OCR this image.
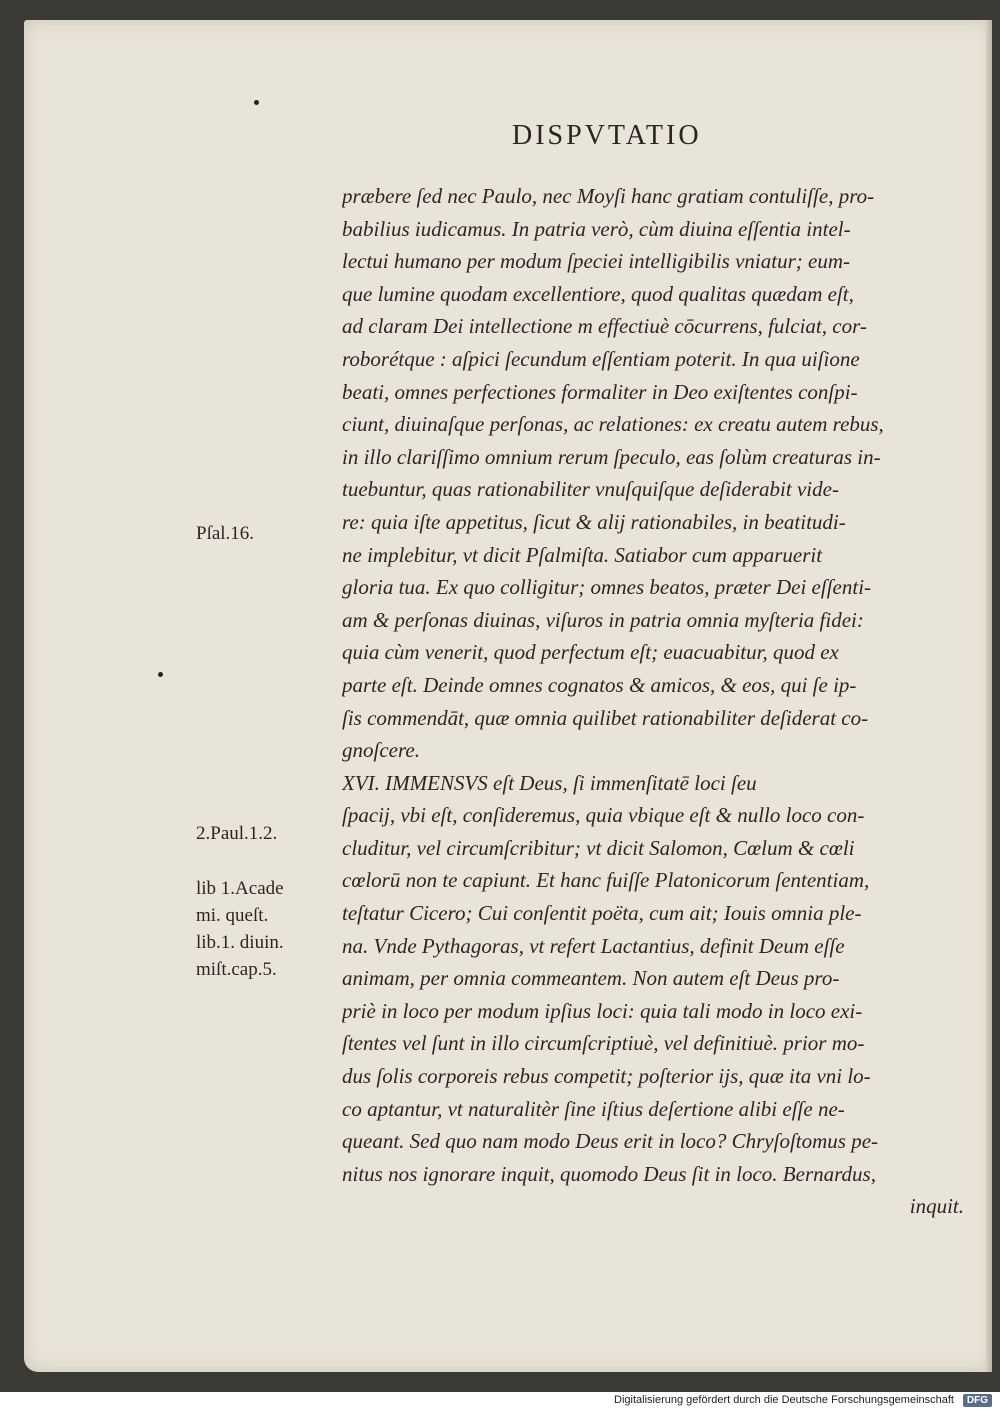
DISPVTATIO
Pſal.16.
2.Paul.1.2.
lib 1.Acade
mi. queſt.
lib.1. diuin.
miſt.cap.5.
præbere ſed nec Paulo, nec Moyſi hanc gratiam contuliſſe, pro-
babilius iudicamus. In patria verò, cùm diuina eſſentia intel-
lectui humano per modum ſpeciei intelligibilis vniatur; eum-
que lumine quodam excellentiore, quod qualitas quædam eſt,
ad claram Dei intellectione m effectiuè cōcurrens, fulciat, cor-
roborétque : aſpici ſecundum eſſentiam poterit. In qua uiſione
beati, omnes perfectiones formaliter in Deo exiſtentes conſpi-
ciunt, diuinaſque perſonas, ac relationes: ex creatu autem rebus,
in illo clariſſimo omnium rerum ſpeculo, eas ſolùm creaturas in-
tuebuntur, quas rationabiliter vnuſquiſque deſiderabit vide-
re: quia iſte appetitus, ſicut & alij rationabiles, in beatitudi-
ne implebitur, vt dicit Pſalmiſta. Satiabor cum apparuerit
gloria tua. Ex quo colligitur; omnes beatos, præter Dei eſſenti-
am & perſonas diuinas, viſuros in patria omnia myſteria fidei:
quia cùm venerit, quod perfectum eſt; euacuabitur, quod ex
parte eſt. Deinde omnes cognatos & amicos, & eos, qui ſe ip-
ſis commendāt, quæ omnia quilibet rationabiliter deſiderat co-
gnoſcere.
XVI. IMMENSVS eſt Deus, ſi immenſitatē loci ſeu
ſpacij, vbi eſt, conſideremus, quia vbique eſt & nullo loco con-
cluditur, vel circumſcribitur; vt dicit Salomon, Cœlum & cœli
cœlorū non te capiunt. Et hanc fuiſſe Platonicorum ſententiam,
teſtatur Cicero; Cui conſentit poëta, cum ait; Iouis omnia ple-
na. Vnde Pythagoras, vt refert Lactantius, definit Deum eſſe
animam, per omnia commeantem. Non autem eſt Deus pro-
priè in loco per modum ipſius loci: quia tali modo in loco exi-
ſtentes vel ſunt in illo circumſcriptiuè, vel definitiuè. prior mo-
dus ſolis corporeis rebus competit; poſterior ijs, quæ ita vni lo-
co aptantur, vt naturalitèr ſine iſtius deſertione alibi eſſe ne-
queant. Sed quo nam modo Deus erit in loco? Chryſoſtomus pe-
nitus nos ignorare inquit, quomodo Deus ſit in loco. Bernardus,
inquit.
Digitalisierung gefördert durch die Deutsche Forschungsgemeinschaft	DFG
